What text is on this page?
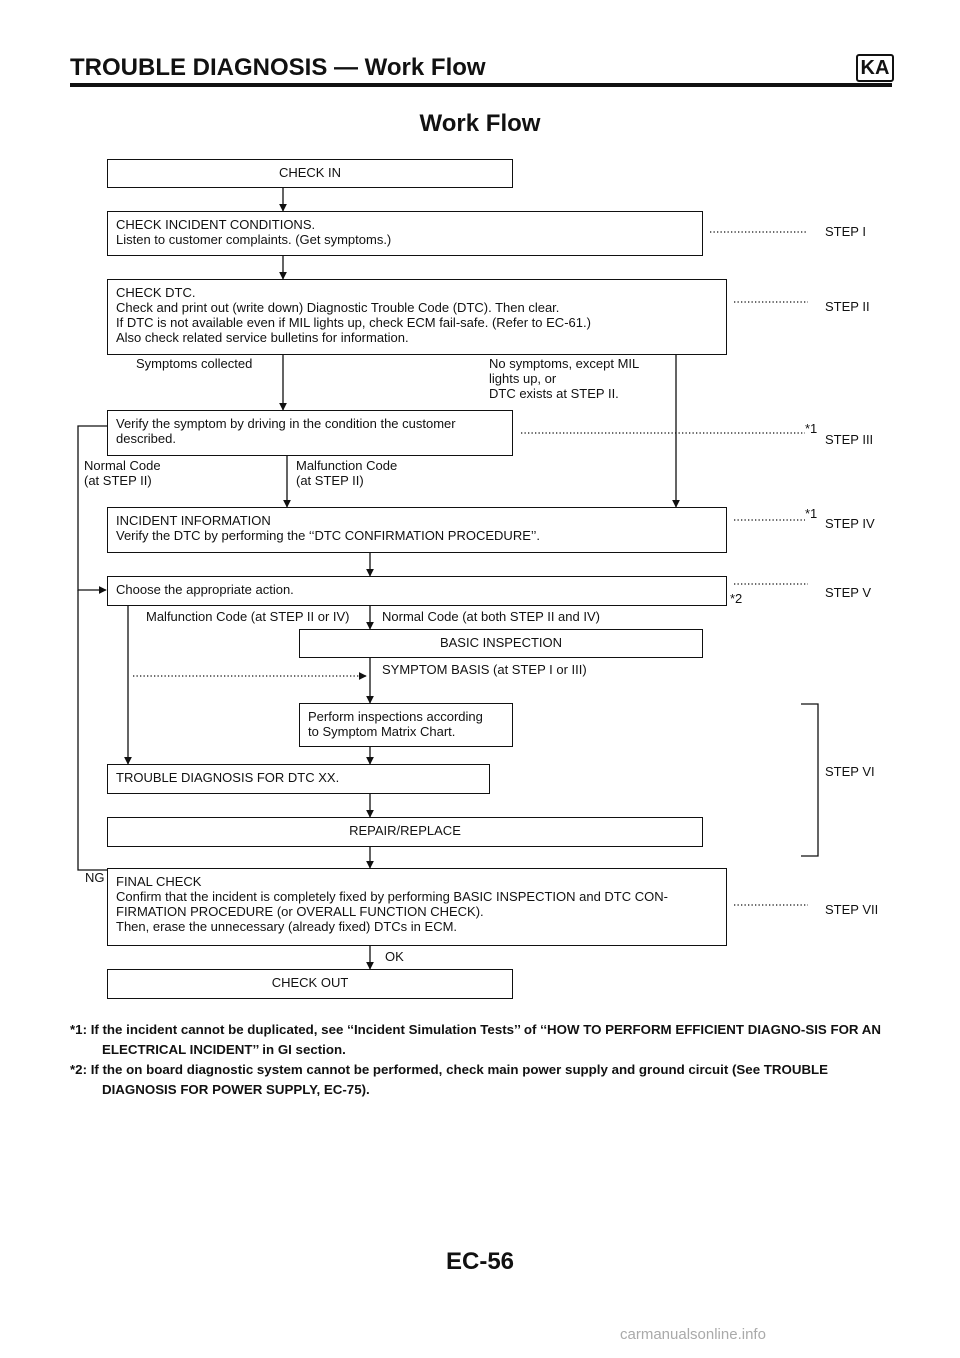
TROUBLE DIAGNOSIS — Work Flow	KA
Work Flow
CHECK IN
CHECK INCIDENT CONDITIONS.
Listen to customer complaints. (Get symptoms.)
CHECK DTC.
Check and print out (write down) Diagnostic Trouble Code (DTC). Then clear.
If DTC is not available even if MIL lights up, check ECM fail-safe. (Refer to EC-61.)
Also check related service bulletins for information.
Verify the symptom by driving in the condition the customer
described.
INCIDENT INFORMATION
Verify the DTC by performing the ‘‘DTC CONFIRMATION PROCEDURE’’.
Choose the appropriate action.
BASIC INSPECTION
Perform inspections according
to Symptom Matrix Chart.
TROUBLE DIAGNOSIS FOR DTC XX.
REPAIR/REPLACE
FINAL CHECK
Confirm that the incident is completely fixed by performing BASIC INSPECTION and DTC CON-
FIRMATION PROCEDURE (or OVERALL FUNCTION CHECK).
Then, erase the unnecessary (already fixed) DTCs in ECM.
CHECK OUT
Symptoms collected	No symptoms, except MIL
lights up, or
DTC exists at STEP II.
Normal Code
(at STEP II)
Malfunction Code
(at STEP II)
Malfunction Code (at STEP II or IV) Normal Code (at both STEP II and IV)
SYMPTOM BASIS (at STEP I or III)
NG
OK
*1
*1
*2
STEP I
STEP II
STEP III
STEP IV
STEP V
STEP VI
STEP VII

*1: If the incident cannot be duplicated, see ‘‘Incident Simulation Tests’’ of ‘‘HOW TO PERFORM EFFICIENT DIAGNO-SIS FOR AN ELECTRICAL INCIDENT’’ in GI section.

*2: If the on board diagnostic system cannot be performed, check main power supply and ground circuit (See TROUBLE DIAGNOSIS FOR POWER SUPPLY, EC-75).

EC-56
carmanualsonline.info
